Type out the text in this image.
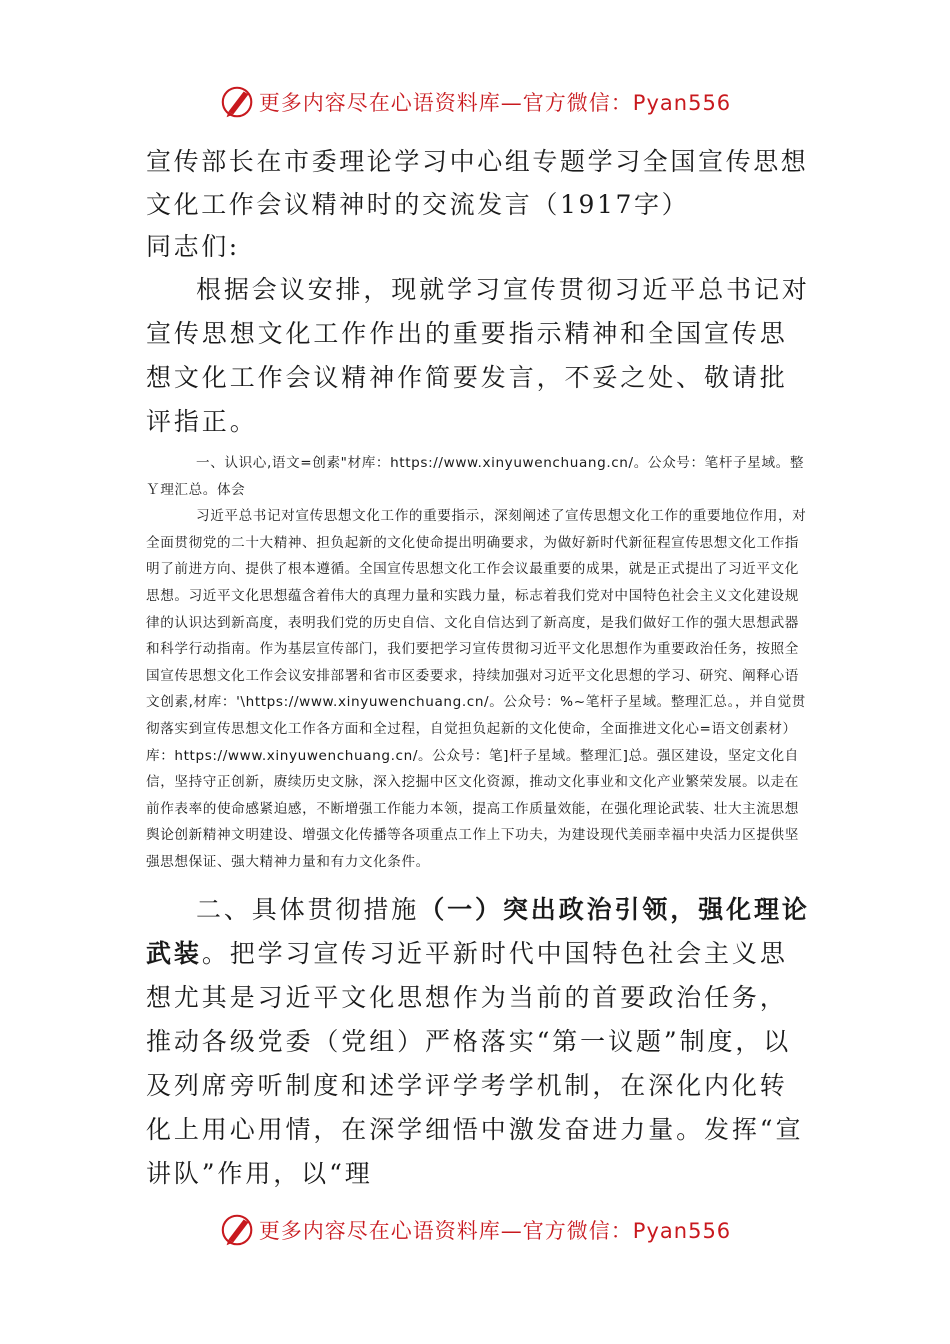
更多内容尽在心语资料库—官方微信：Pyan556

宣传部长在市委理论学习中心组专题学习全国宣传思想文化工作会议精神时的交流发言（1917字）

同志们:

根据会议安排，现就学习宣传贯彻习近平总书记对宣传思想文化工作作出的重要指示精神和全国宣传思想文化工作会议精神作简要发言，不妥之处、敬请批评指正。

一、认识心,语文=创素"材库：https://www.xinyuwenchuang.cn/。公众号：笔杆子星域。整Ｙ理汇总。体会

习近平总书记对宣传思想文化工作的重要指示，深刻阐述了宣传思想文化工作的重要地位作用，对全面贯彻党的二十大精神、担负起新的文化使命提出明确要求，为做好新时代新征程宣传思想文化工作指明了前进方向、提供了根本遵循。全国宣传思想文化工作会议最重要的成果，就是正式提出了习近平文化思想。习近平文化思想蕴含着伟大的真理力量和实践力量，标志着我们党对中国特色社会主义文化建设规律的认识达到新高度，表明我们党的历史自信、文化自信达到了新高度，是我们做好工作的强大思想武器和科学行动指南。作为基层宣传部门，我们要把学习宣传贯彻习近平文化思想作为重要政治任务，按照全国宣传思想文化工作会议安排部署和省市区委要求，持续加强对习近平文化思想的学习、研究、阐释心语文创素,材库：'\https://www.xinyuwenchuang.cn/。公众号：%~笔杆子星域。整理汇总。，并自觉贯彻落实到宣传思想文化工作各方面和全过程，自觉担负起新的文化使命，全面推进文化心=语文创素材）库：https://www.xinyuwenchuang.cn/。公众号：笔]杆子星域。整理汇]总。强区建设，坚定文化自信，坚持守正创新，赓续历史文脉，深入挖掘中区文化资源，推动文化事业和文化产业繁荣发展。以走在前作表率的使命感紧迫感，不断增强工作能力本领，提高工作质量效能，在强化理论武装、壮大主流思想舆论创新精神文明建设、增强文化传播等各项重点工作上下功夫，为建设现代美丽幸福中央活力区提供坚强思想保证、强大精神力量和有力文化条件。

二、具体贯彻措施（一）突出政治引领，强化理论武装。把学习宣传习近平新时代中国特色社会主义思想尤其是习近平文化思想作为当前的首要政治任务，推动各级党委（党组）严格落实“第一议题”制度，以及列席旁听制度和述学评学考学机制，在深化内化转化上用心用情，在深学细悟中激发奋进力量。发挥“宣讲队”作用，以“理

更多内容尽在心语资料库—官方微信：Pyan556
